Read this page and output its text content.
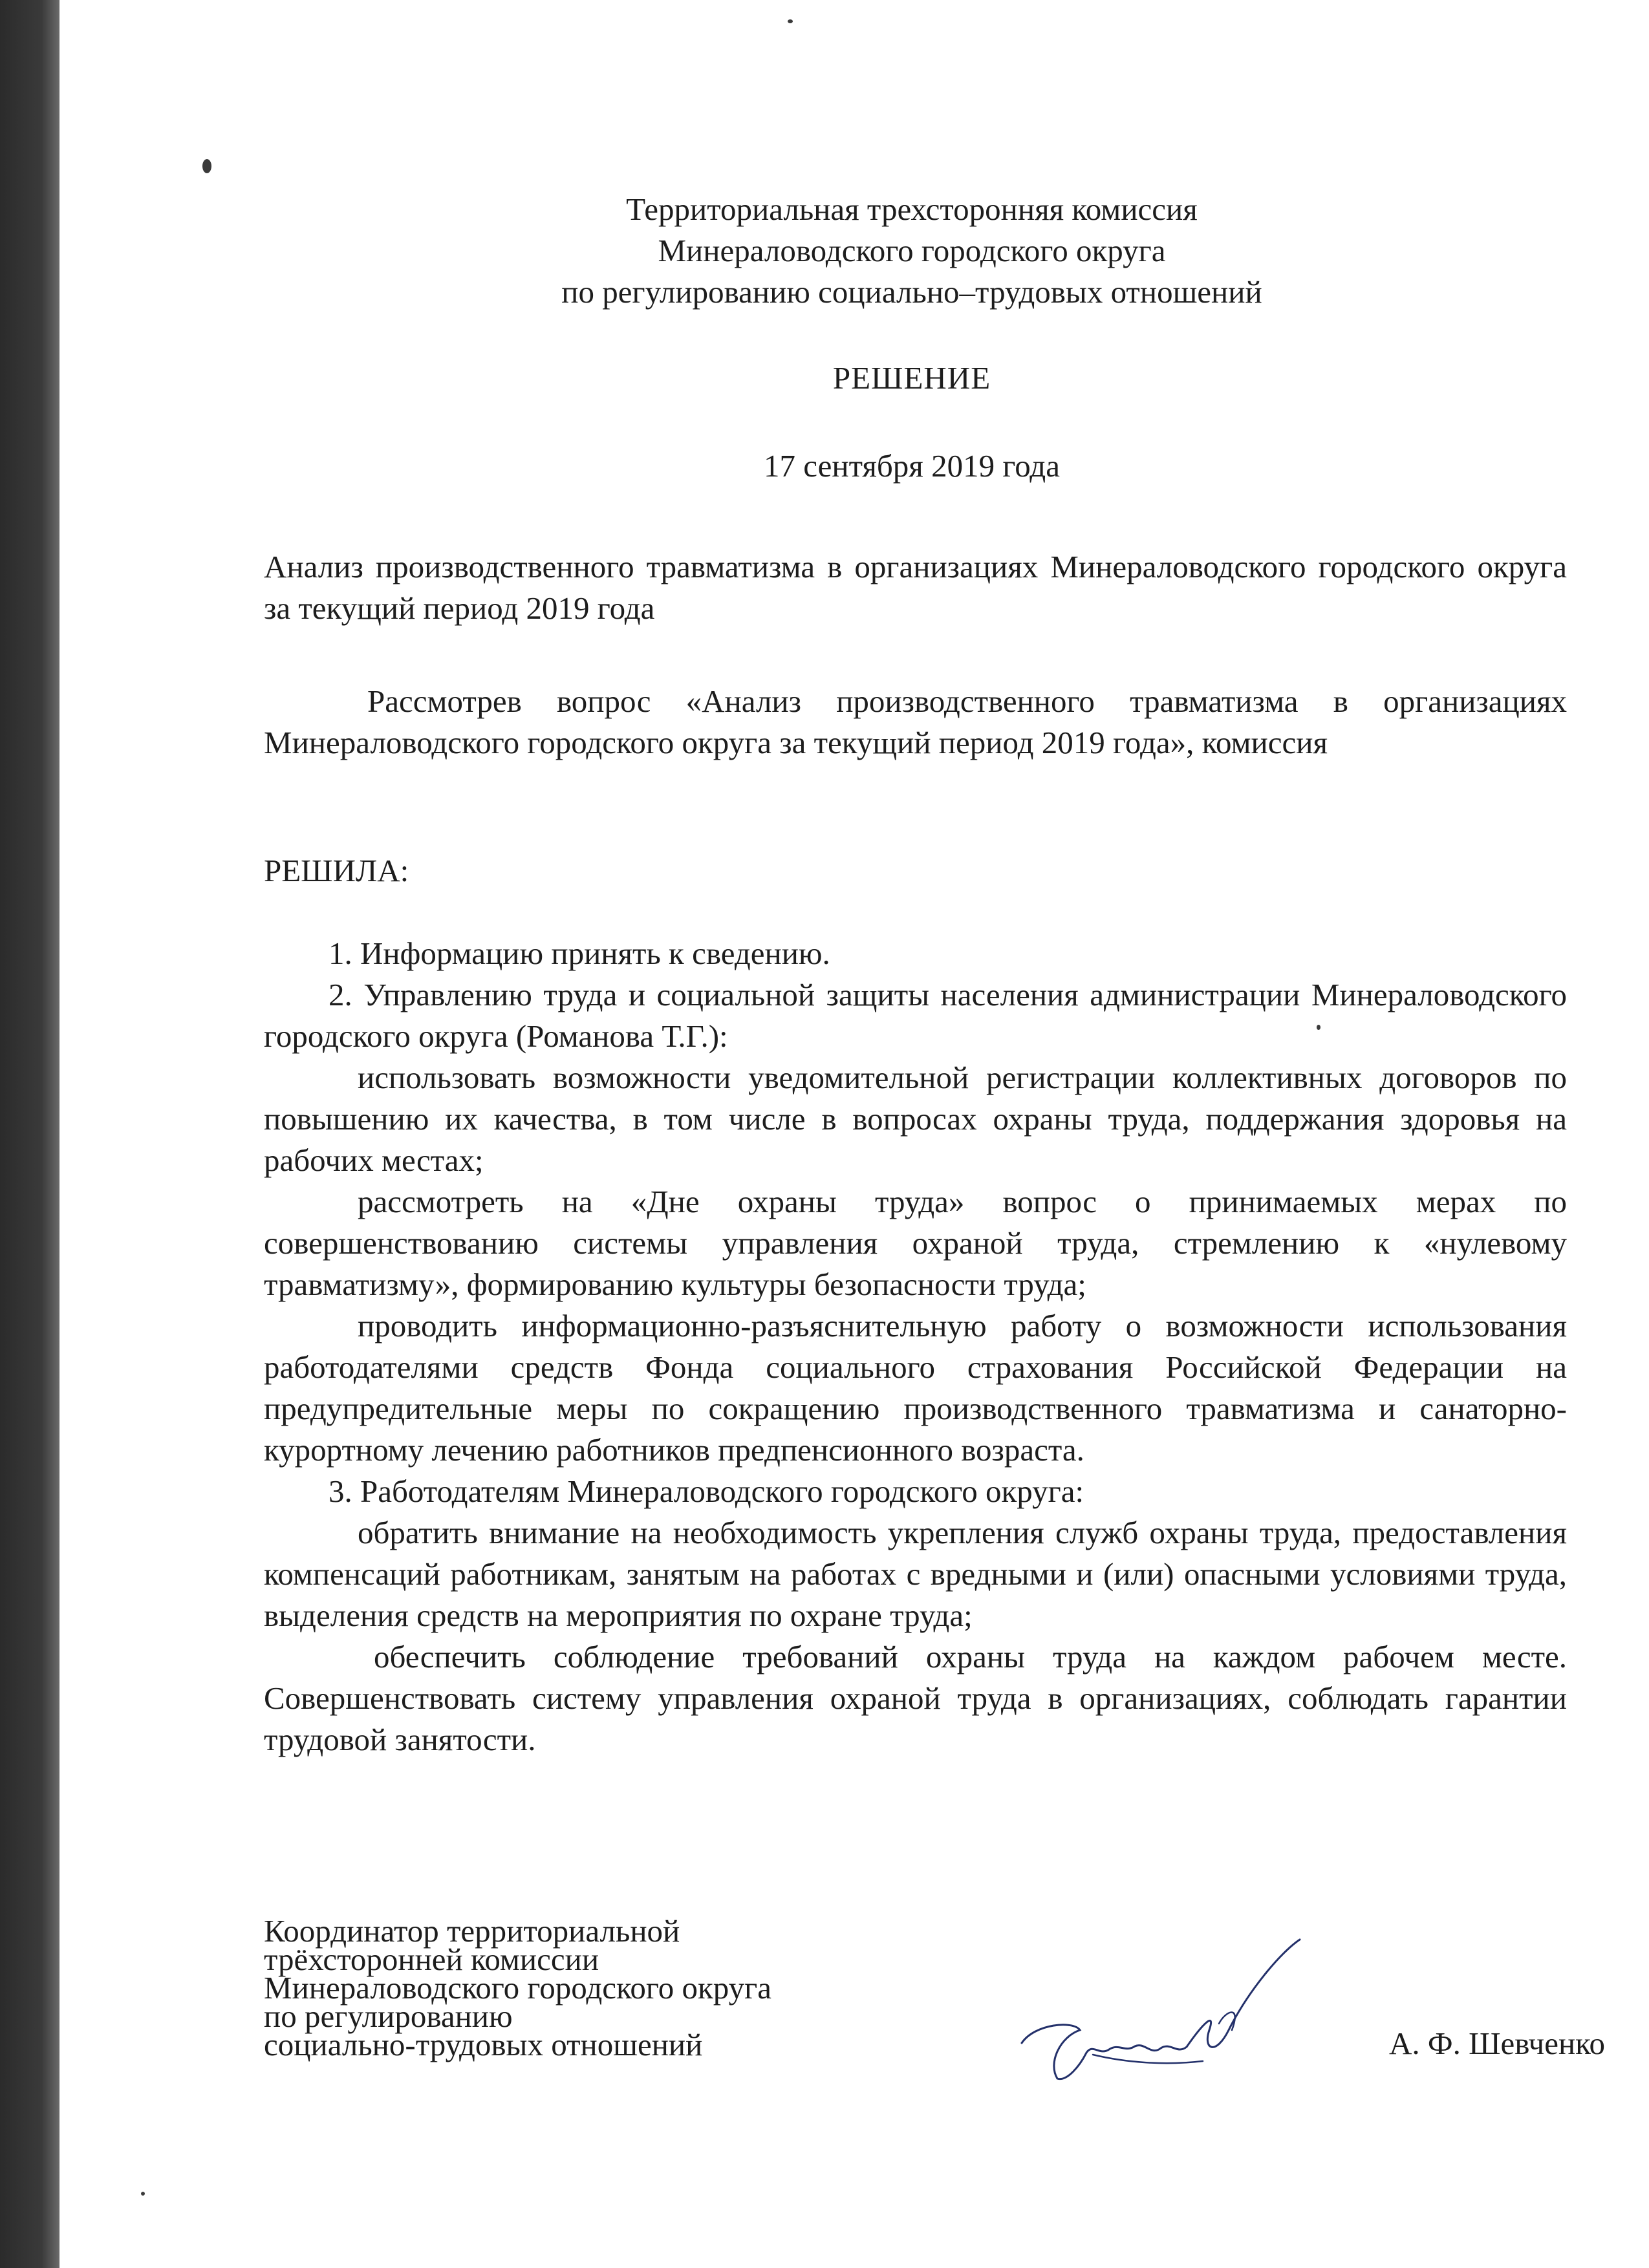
Территориальная трехсторонняя комиссия
Минераловодского городского округа
по регулированию социально–трудовых отношений
РЕШЕНИЕ
17 сентября 2019 года

Анализ производственного травматизма в организациях Минераловодского городского округа за текущий период 2019 года

Рассмотрев вопрос «Анализ производственного травматизма в организациях Минераловодского городского округа за текущий период 2019 года», комиссия

РЕШИЛА:

1. Информацию принять к сведению.

2. Управлению труда и социальной защиты населения администрации Минераловодского городского округа (Романова Т.Г.):

использовать возможности уведомительной регистрации коллективных договоров по повышению их качества, в том числе в вопросах охраны труда, поддержания здоровья на рабочих местах;

рассмотреть на «Дне охраны труда» вопрос о принимаемых мерах по совершенствованию системы управления охраной труда, стремлению к «нулевому травматизму», формированию культуры безопасности труда;

проводить информационно-разъяснительную работу о возможности использования работодателями средств Фонда социального страхования Российской Федерации на предупредительные меры по сокращению производственного травматизма и санаторно-курортному лечению работников предпенсионного возраста.

3. Работодателям Минераловодского городского округа:

обратить внимание на необходимость укрепления служб охраны труда, предоставления компенсаций работникам, занятым на работах с вредными и (или) опасными условиями труда, выделения средств на мероприятия по охране труда;

обеспечить соблюдение требований охраны труда на каждом рабочем месте. Совершенствовать систему управления охраной труда в организациях, соблюдать гарантии трудовой занятости.

Координатор территориальной
трёхсторонней комиссии
Минераловодского городского округа
по регулированию
социально-трудовых отношений	А. Ф. Шевченко
